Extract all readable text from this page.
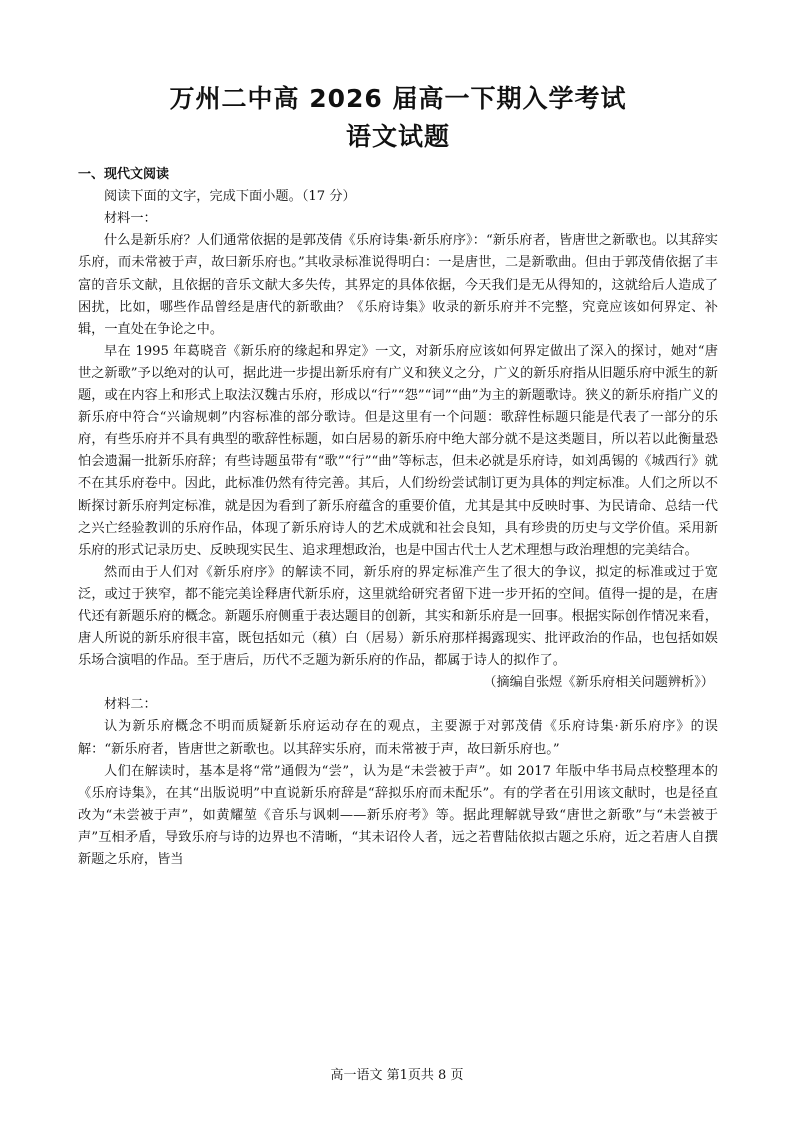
万州二中高 2026 届高一下期入学考试
语文试题

一、现代文阅读

阅读下面的文字，完成下面小题。（17 分）

材料一：

什么是新乐府？人们通常依据的是郭茂倩《乐府诗集·新乐府序》：“新乐府者，皆唐世之新歌也。以其辞实乐府，而未常被于声，故曰新乐府也。”其收录标准说得明白：一是唐世，二是新歌曲。但由于郭茂倩依据了丰富的音乐文献，且依据的音乐文献大多失传，其界定的具体依据，今天我们是无从得知的，这就给后人造成了困扰，比如，哪些作品曾经是唐代的新歌曲？《乐府诗集》收录的新乐府并不完整，究竟应该如何界定、补辑，一直处在争论之中。

早在 1995 年葛晓音《新乐府的缘起和界定》一文，对新乐府应该如何界定做出了深入的探讨，她对“唐世之新歌”予以绝对的认可，据此进一步提出新乐府有广义和狭义之分，广义的新乐府指从旧题乐府中派生的新题，或在内容上和形式上取法汉魏古乐府，形成以“行”“怨”“词”“曲”为主的新题歌诗。狭义的新乐府指广义的新乐府中符合“兴谕规刺”内容标准的部分歌诗。但是这里有一个问题：歌辞性标题只能是代表了一部分的乐府，有些乐府并不具有典型的歌辞性标题，如白居易的新乐府中绝大部分就不是这类题目，所以若以此衡量恐怕会遗漏一批新乐府辞；有些诗题虽带有“歌”“行”“曲”等标志，但未必就是乐府诗，如刘禹锡的《城西行》就不在其乐府卷中。因此，此标准仍然有待完善。其后，人们纷纷尝试制订更为具体的判定标准。人们之所以不断探讨新乐府判定标准，就是因为看到了新乐府蕴含的重要价值，尤其是其中反映时事、为民请命、总结一代之兴亡经验教训的乐府作品，体现了新乐府诗人的艺术成就和社会良知，具有珍贵的历史与文学价值。采用新乐府的形式记录历史、反映现实民生、追求理想政治，也是中国古代士人艺术理想与政治理想的完美结合。

然而由于人们对《新乐府序》的解读不同，新乐府的界定标准产生了很大的争议，拟定的标准或过于宽泛，或过于狭窄，都不能完美诠释唐代新乐府，这里就给研究者留下进一步开拓的空间。值得一提的是，在唐代还有新题乐府的概念。新题乐府侧重于表达题目的创新，其实和新乐府是一回事。根据实际创作情况来看，唐人所说的新乐府很丰富，既包括如元（稹）白（居易）新乐府那样揭露现实、批评政治的作品，也包括如娱乐场合演唱的作品。至于唐后，历代不乏题为新乐府的作品，都属于诗人的拟作了。

（摘编自张煜《新乐府相关问题辨析》）

材料二：

认为新乐府概念不明而质疑新乐府运动存在的观点，主要源于对郭茂倩《乐府诗集·新乐府序》的误解：“新乐府者，皆唐世之新歌也。以其辞实乐府，而未常被于声，故曰新乐府也。”

人们在解读时，基本是将“常”通假为“尝”，认为是“未尝被于声”。如 2017 年版中华书局点校整理本的《乐府诗集》，在其“出版说明”中直说新乐府辞是“辞拟乐府而未配乐”。有的学者在引用该文献时，也是径直改为“未尝被于声”，如黄耀堃《音乐与讽刺——新乐府考》等。据此理解就导致“唐世之新歌”与“未尝被于声”互相矛盾，导致乐府与诗的边界也不清晰，“其未诏伶人者，远之若曹陆依拟古题之乐府，近之若唐人自撰新题之乐府，皆当

高一语文 第1页共 8 页
